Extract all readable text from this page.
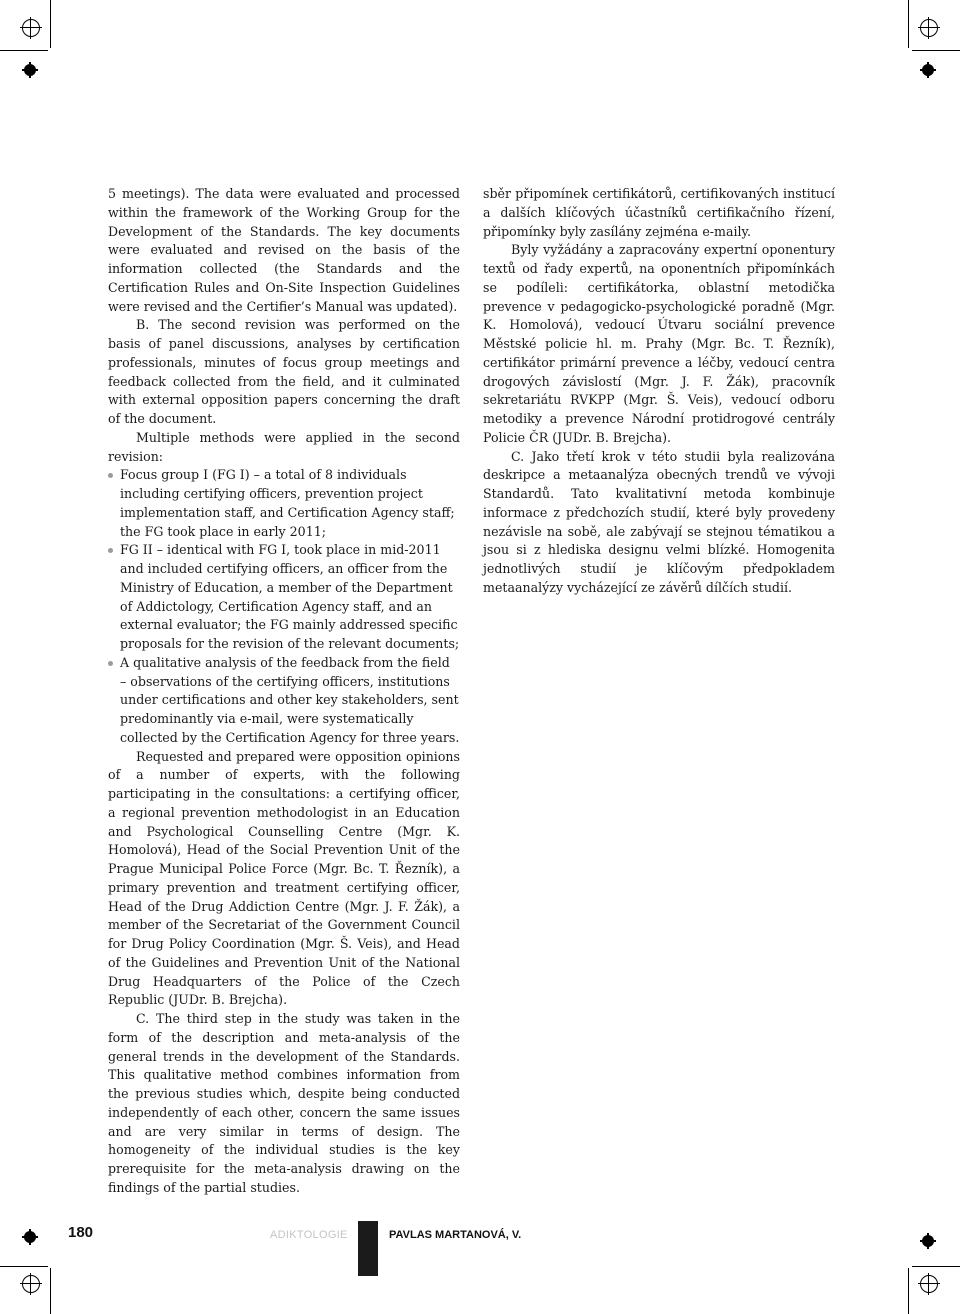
5 meetings). The data were evaluated and processed within the framework of the Working Group for the Development of the Standards. The key documents were evaluated and revised on the basis of the information collected (the Standards and the Certification Rules and On-Site Inspection Guidelines were revised and the Certifier’s Manual was updated).

B. The second revision was performed on the basis of panel discussions, analyses by certification professionals, minutes of focus group meetings and feedback collected from the field, and it culminated with external opposition papers concerning the draft of the document.

Multiple methods were applied in the second revision:

Focus group I (FG I) – a total of 8 individuals including certifying officers, prevention project implementation staff, and Certification Agency staff; the FG took place in early 2011;
FG II – identical with FG I, took place in mid-2011 and included certifying officers, an officer from the Ministry of Education, a member of the Department of Addictology, Certification Agency staff, and an external evaluator; the FG mainly addressed specific proposals for the revision of the relevant documents;
A qualitative analysis of the feedback from the field – observations of the certifying officers, institutions under certifications and other key stakeholders, sent predominantly via e-mail, were systematically collected by the Certification Agency for three years.

Requested and prepared were opposition opinions of a number of experts, with the following participating in the consultations: a certifying officer, a regional prevention methodologist in an Education and Psychological Counselling Centre (Mgr. K. Homolová), Head of the Social Prevention Unit of the Prague Municipal Police Force (Mgr. Bc. T. Řezník), a primary prevention and treatment certifying officer, Head of the Drug Addiction Centre (Mgr. J. F. Žák), a member of the Secretariat of the Government Council for Drug Policy Coordination (Mgr. Š. Veis), and Head of the Guidelines and Prevention Unit of the National Drug Headquarters of the Police of the Czech Republic (JUDr. B. Brejcha).

C. The third step in the study was taken in the form of the description and meta-analysis of the general trends in the development of the Standards. This qualitative method combines information from the previous studies which, despite being conducted independently of each other, concern the same issues and are very similar in terms of design. The homogeneity of the individual studies is the key prerequisite for the meta-analysis drawing on the findings of the partial studies.

sběr připomínek certifikátorů, certifikovaných institucí a dalších klíčových účastníků certifikačního řízení, připomínky byly zasílány zejména e-maily.

Byly vyžádány a zapracovány expertní oponentury textů od řady expertů, na oponentních připomínkách se podíleli: certifikátorka, oblastní metodička prevence v pedagogicko-psychologické poradně (Mgr. K. Homolová), vedoucí Útvaru sociální prevence Městské policie hl. m. Prahy (Mgr. Bc. T. Řezník), certifikátor primární prevence a léčby, vedoucí centra drogových závislostí (Mgr. J. F. Žák), pracovník sekretariátu RVKPP (Mgr. Š. Veis), vedoucí odboru metodiky a prevence Národní protidrogové centrály Policie ČR (JUDr. B. Brejcha).

C. Jako třetí krok v této studii byla realizována deskripce a metaanalýza obecných trendů ve vývoji Standardů. Tato kvalitativní metoda kombinuje informace z předchozích studií, které byly provedeny nezávisle na sobě, ale zabývají se stejnou tématikou a jsou si z hlediska designu velmi blízké. Homogenita jednotlivých studií je klíčovým předpokladem metaanalýzy vycházející ze závěrů dílčích studií.

180	ADIKTOLOGIE	PAVLAS MARTANOVÁ, V.
